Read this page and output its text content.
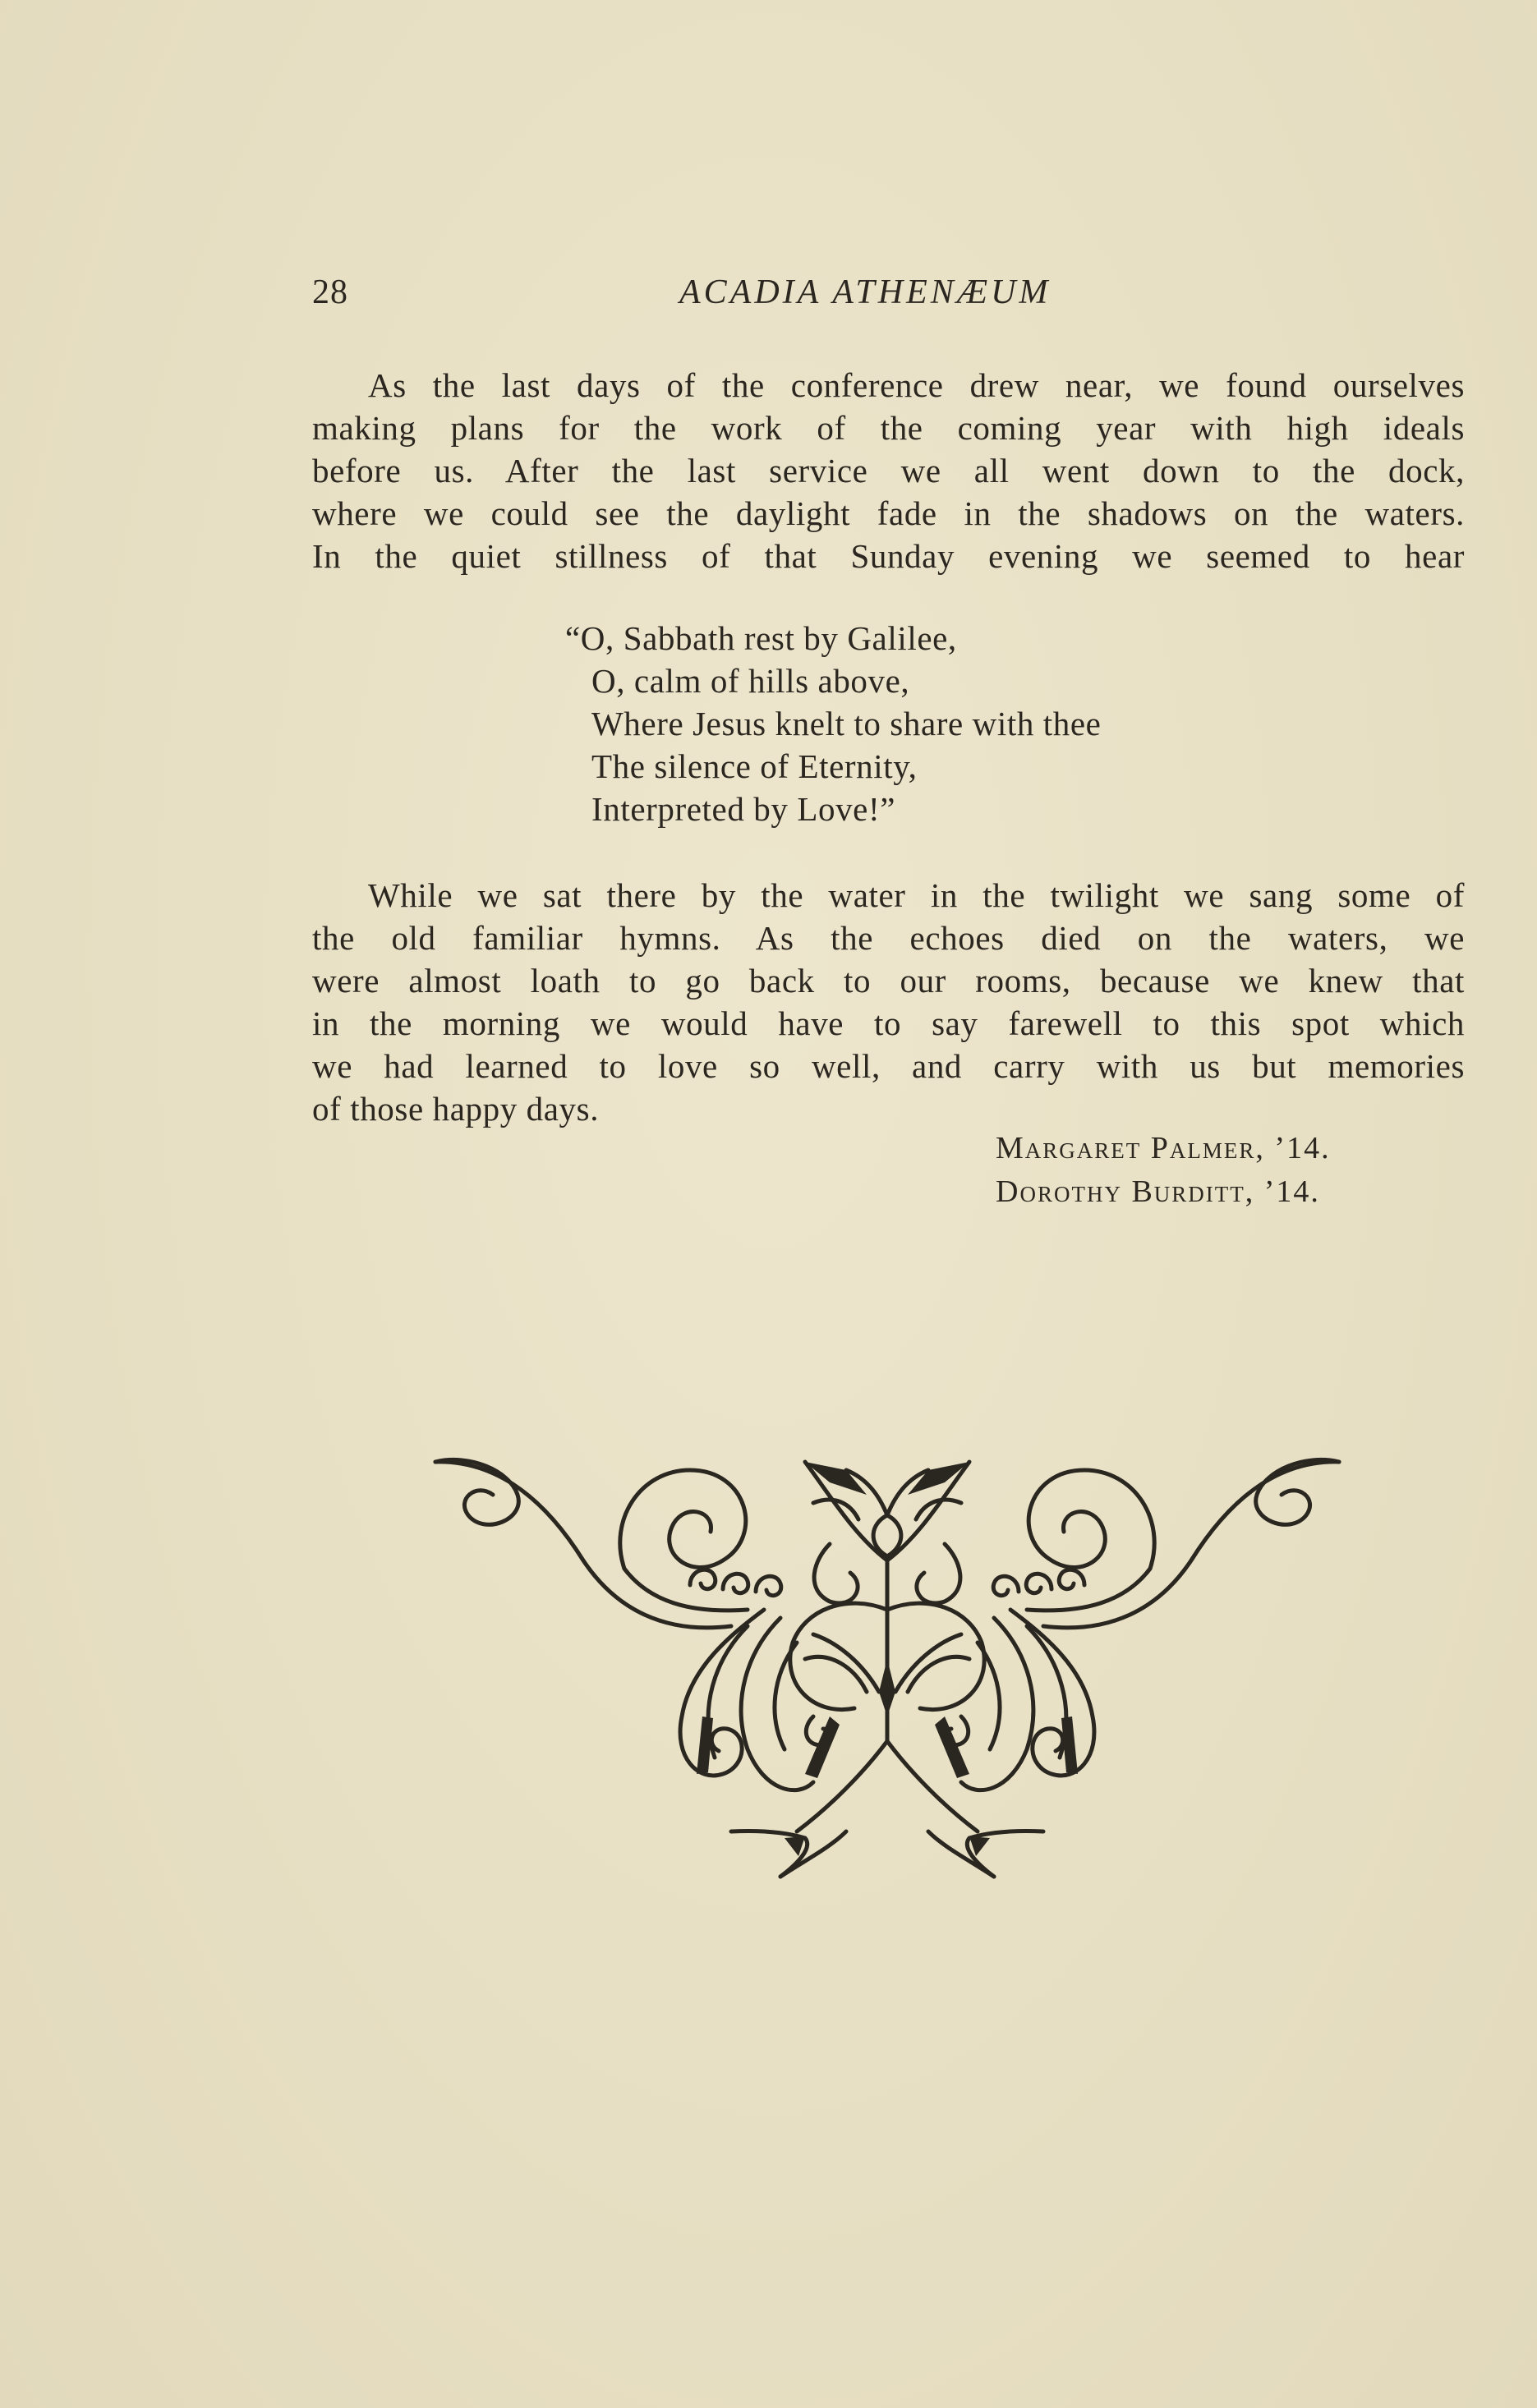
28	ACADIA ATHENÆUM

As the last days of the conference drew near, we found ourselves
making plans for the work of the coming year with high ideals
before us. After the last service we all went down to the dock,
where we could see the daylight fade in the shadows on the waters.
In the quiet stillness of that Sunday evening we seemed to hear

“O, Sabbath rest by Galilee,
O, calm of hills above,
Where Jesus knelt to share with thee
The silence of Eternity,
Interpreted by Love!”

While we sat there by the water in the twilight we sang some of
the old familiar hymns. As the echoes died on the waters, we
were almost loath to go back to our rooms, because we knew that
in the morning we would have to say farewell to this spot which
we had learned to love so well, and carry with us but memories
of those happy days.

Margaret Palmer, ’14.
Dorothy Burditt, ’14.
